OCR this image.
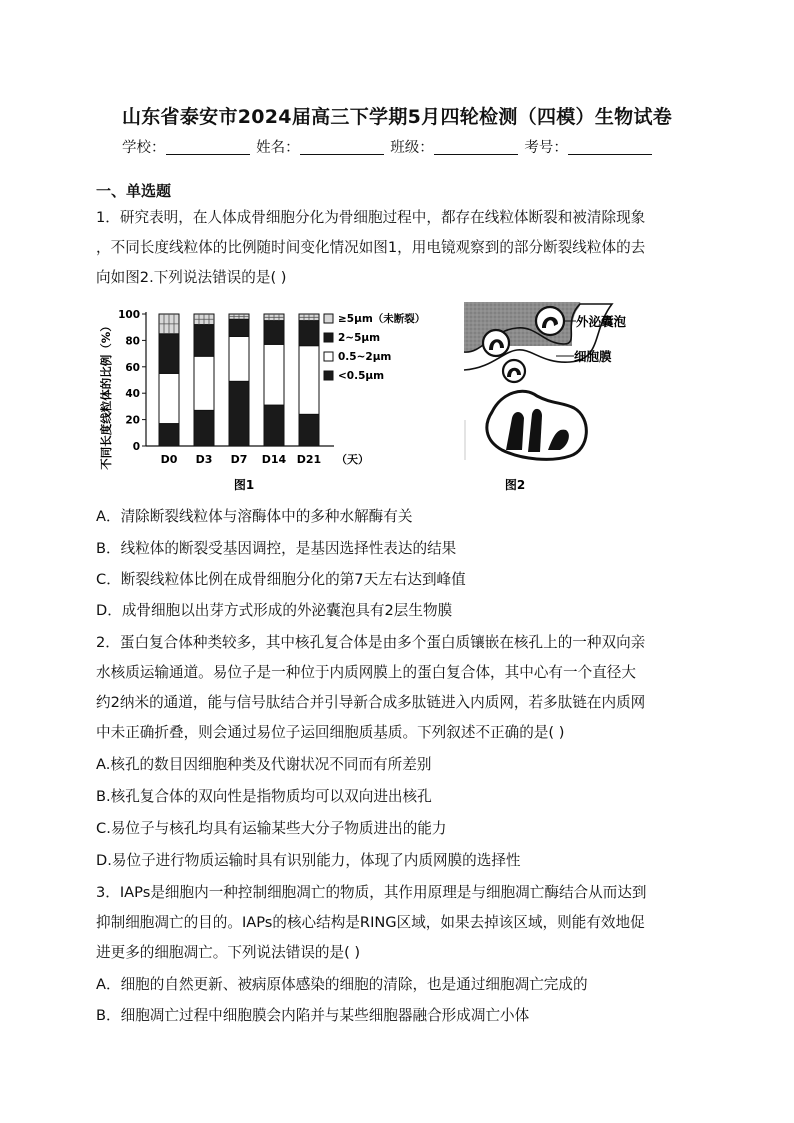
山东省泰安市2024届高三下学期5月四轮检测（四模）生物试卷
学校：	姓名：	班级：	考号：
一、单选题
1．研究表明，在人体成骨细胞分化为骨细胞过程中，都存在线粒体断裂和被清除现象
，不同长度线粒体的比例随时间变化情况如图1，用电镜观察到的部分断裂线粒体的去
向如图2.下列说法错误的是( )
不同长度线粒体的比例（%） 0
20
40
60
80
100
D0 D3 D7 D14 D21 （天）
≥5μm（未断裂）
2~5μm
0.5~2μm
<0.5μm
图1
外泌囊泡
细胞膜
图2
A．清除断裂线粒体与溶酶体中的多种水解酶有关
B．线粒体的断裂受基因调控，是基因选择性表达的结果
C．断裂线粒体比例在成骨细胞分化的第7天左右达到峰值
D．成骨细胞以出芽方式形成的外泌囊泡具有2层生物膜
2．蛋白复合体种类较多，其中核孔复合体是由多个蛋白质镶嵌在核孔上的一种双向亲
水核质运输通道。易位子是一种位于内质网膜上的蛋白复合体，其中心有一个直径大
约2纳米的通道，能与信号肽结合并引导新合成多肽链进入内质网，若多肽链在内质网
中未正确折叠，则会通过易位子运回细胞质基质。下列叙述不正确的是( )
A.核孔的数目因细胞种类及代谢状况不同而有所差别
B.核孔复合体的双向性是指物质均可以双向进出核孔
C.易位子与核孔均具有运输某些大分子物质进出的能力
D.易位子进行物质运输时具有识别能力，体现了内质网膜的选择性
3．IAPs是细胞内一种控制细胞凋亡的物质，其作用原理是与细胞凋亡酶结合从而达到
抑制细胞凋亡的目的。IAPs的核心结构是RING区域，如果去掉该区域，则能有效地促
进更多的细胞凋亡。下列说法错误的是( )
A．细胞的自然更新、被病原体感染的细胞的清除，也是通过细胞凋亡完成的
B．细胞凋亡过程中细胞膜会内陷并与某些细胞器融合形成凋亡小体
